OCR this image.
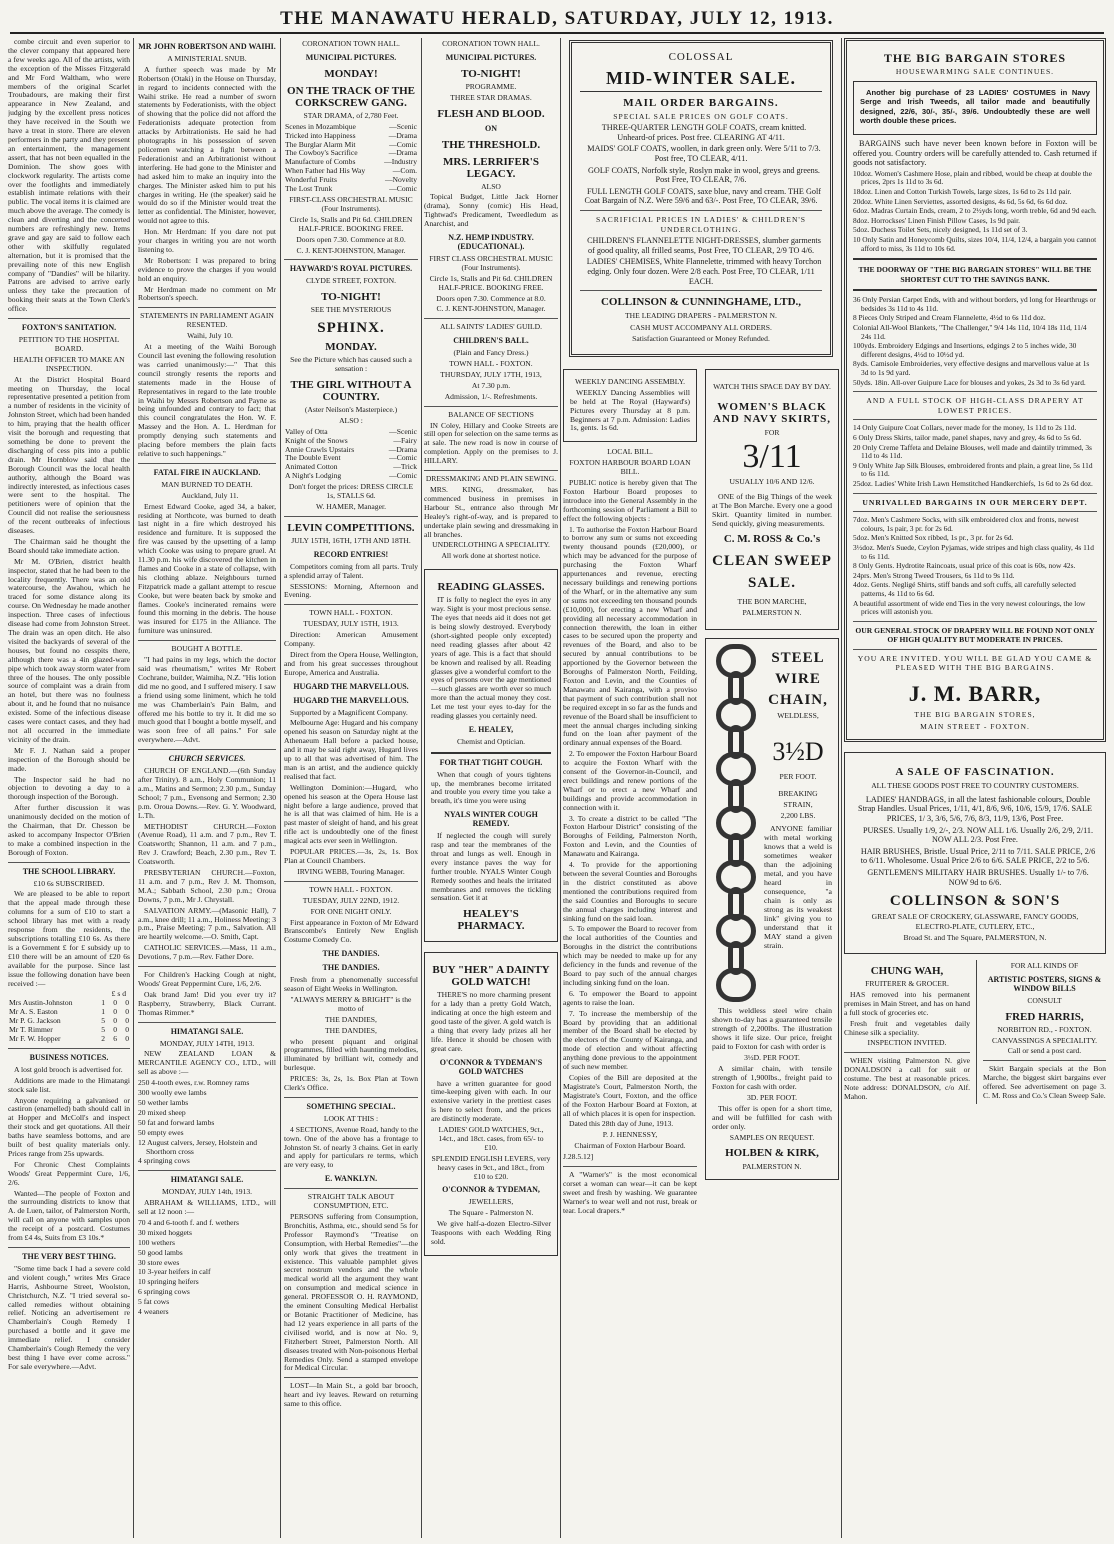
THE MANAWATU HERALD, SATURDAY, JULY 12, 1913.

combe circuit and even superior to the clever company that appeared here a few weeks ago. All of the artists, with the exception of the Misses Fitzgerald and Mr Ford Waltham, who were members of the original Scarlet Troubadours, are making their first appearance in New Zealand, and judging by the excellent press notices they have received in the South we have a treat in store. There are eleven performers in the party and they present an entertainment, the management assert, that has not been equalled in the Dominion. The show goes with clockwork regularity. The artists come over the footlights and immediately establish intimate relations with their public. The vocal items it is claimed are much above the average. The comedy is clean and diverting and the concerted numbers are refreshingly new. Items grave and gay are said to follow each other with skilfully regulated alternation, but it is promised that the prevailing note of this new English company of "Dandies" will be hilarity. Patrons are advised to arrive early unless they take the precaution of booking their seats at the Town Clerk's office.

FOXTON'S SANITATION.
PETITION TO THE HOSPITAL BOARD.
HEALTH OFFICER TO MAKE AN INSPECTION.

At the District Hospital Board meeting on Thursday, the local representative presented a petition from a number of residents in the vicinity of Johnston Street, which had been handed to him, praying that the health officer visit the borough and requesting that something be done to prevent the discharging of cess pits into a public drain. Mr Hornblow said that the Borough Council was the local health authority, although the Board was indirectly interested, as infectious cases were sent to the hospital. The petitioners were of opinion that the Council did not realise the seriousness of the recent outbreaks of infectious diseases.

The Chairman said he thought the Board should take immediate action.

Mr M. O'Brien, district health inspector, stated that he had been to the locality frequently. There was an old watercourse, the Awahou, which he traced for some distance along its course. On Wednesday he made another inspection. Three cases of infectious disease had come from Johnston Street. The drain was an open ditch. He also visited the backyards of several of the houses, but found no cesspits there, although there was a 4in glazed-ware pipe which took away storm water from three of the houses. The only possible source of complaint was a drain from an hotel, but there was no foulness about it, and he found that no nuisance existed. Some of the infectious disease cases were contact cases, and they had not all occurred in the immediate vicinity of the drain.

Mr F. J. Nathan said a proper inspection of the Borough should be made.

The Inspector said he had no objection to devoting a day to a thorough inspection of the Borough.

After further discussion it was unanimously decided on the motion of the Chairman, that Dr. Chesson be asked to accompany Inspector O'Brien to make a combined inspection in the Borough of Foxton.

THE SCHOOL LIBRARY.
£10 6s SUBSCRIBED.

We are pleased to be able to report that the appeal made through these columns for a sum of £10 to start a school library has met with a ready response from the residents, the subscriptions totalling £10 6s. As there is a Government £ for £ subsidy up to £10 there will be an amount of £20 6s available for the purpose. Since last issue the following donation have been received :—

£ s d
Mrs Austin-Johnston	1	0	0
Mr A. S. Easton	1	0	0
Mr P. G. Jackson	5	0	0
Mr T. Rimmer	5	0	0
Mr F. W. Hopper	2	6	0
BUSINESS NOTICES.

A lost gold brooch is advertised for.

Additions are made to the Himatangi stock sale list.

Anyone requiring a galvanised or castiron (enamelled) bath should call in at Hopper and McColl's and inspect their stock and get quotations. All their baths have seamless bottoms, and are built of best quality materials only. Prices range from 25s upwards.

For Chronic Chest Complaints Woods' Great Peppermint Cure, 1/6, 2/6.

Wanted—The people of Foxton and the surrounding districts to know that A. de Luen, tailor, of Palmerston North, will call on anyone with samples upon the receipt of a postcard. Costumes from £4 4s, Suits from £3 10s.*

THE VERY BEST THING.

"Some time back I had a severe cold and violent cough," writes Mrs Grace Harris, Ashbourne Street, Woolston, Christchurch, N.Z. "I tried several so-called remedies without obtaining relief. Noticing an advertisement re Chamberlain's Cough Remedy I purchased a bottle and it gave me immediate relief. I consider Chamberlain's Cough Remedy the very best thing I have ever come across." For sale everywhere.—Advt.

MR JOHN ROBERTSON AND WAIHI.
A MINISTERIAL SNUB.

A further speech was made by Mr Robertson (Otaki) in the House on Thursday, in regard to incidents connected with the Waihi strike. He read a number of sworn statements by Federationists, with the object of showing that the police did not afford the Federationists adequate protection from attacks by Arbitrationists. He said he had photographs in his possession of seven policemen watching a fight between a Federationist and an Arbitrationist without interfering. He had gone to the Minister and had asked him to make an inquiry into the charges. The Minister asked him to put his charges in writing. He (the speaker) said he would do so if the Minister would treat the letter as confidential. The Minister, however, would not agree to this.

Hon. Mr Herdman: If you dare not put your charges in writing you are not worth listening to.

Mr Robertson: I was prepared to bring evidence to prove the charges if you would hold an enquiry.

Mr Herdman made no comment on Mr Robertson's speech.

STATEMENTS IN PARLIAMENT AGAIN RESENTED.

Waihi, July 10.

At a meeting of the Waihi Borough Council last evening the following resolution was carried unanimously:—" That this council strongly resents the reports and statements made in the House of Representatives in regard to the late trouble in Waihi by Messrs Robertson and Payne as being unfounded and contrary to fact; that this council congratulates the Hon. W. F. Massey and the Hon. A. L. Herdman for promptly denying such statements and placing before members the plain facts relative to such happenings."

FATAL FIRE IN AUCKLAND.
MAN BURNED TO DEATH.

Auckland, July 11.

Ernest Edward Cooke, aged 34, a baker, residing at Northcote, was burned to death last night in a fire which destroyed his residence and furniture. It is supposed the fire was caused by the upsetting of a lamp which Cooke was using to prepare gruel. At 11.30 p.m. his wife discovered the kitchen in flames and Cooke in a state of collapse, with his clothing ablaze. Neighbours turned Fitzpatrick made a gallant attempt to rescue Cooke, but were beaten back by smoke and flames. Cooke's incinerated remains were found this morning in the debris. The house was insured for £175 in the Alliance. The furniture was uninsured.

BOUGHT A BOTTLE.

"I had pains in my legs, which the doctor said was rheumatism," writes Mr Robert Cochrane, builder, Waimiha, N.Z. "His lotion did me no good, and I suffered misery. I saw a friend using some liniment, which he told me was Chamberlain's Pain Balm, and offered me his bottle to try it. It did me so much good that I bought a bottle myself, and was soon free of all pains." For sale everywhere.—Advt.

CHURCH SERVICES.

CHURCH OF ENGLAND.—(6th Sunday after Trinity). 8 a.m., Holy Communion; 11 a.m., Matins and Sermon; 2.30 p.m., Sunday School; 7 p.m., Evensong and Sermon; 2.30 p.m. Oroua Downs.—Rev. G. Y. Woodward, L.Th.

METHODIST CHURCH.—Foxton (Avenue Road), 11 a.m. and 7 p.m., Rev T. Coatsworth; Shannon, 11 a.m. and 7 p.m., Rev J. Crawford; Beach, 2.30 p.m., Rev T. Coatsworth.

PRESBYTERIAN CHURCH.—Foxton, 11 a.m. and 7 p.m., Rev J. M. Thomson, M.A.; Sabbath School, 2.30 p.m.; Oroua Downs, 7 p.m., Mr J. Chrystall.

SALVATION ARMY.—(Masonic Hall), 7 a.m., knee drill; 11 a.m., Holiness Meeting; 3 p.m., Praise Meeting; 7 p.m., Salvation. All are heartily welcome.—O. Smith, Capt.

CATHOLIC SERVICES.—Mass, 11 a.m., Devotions, 7 p.m.—Rev. Father Dore.

For Children's Hacking Cough at night, Woods' Great Peppermint Cure, 1/6, 2/6.

Oak brand Jam! Did you ever try it? Raspberry, Strawberry, Black Currant. Thomas Rimmer.*

HIMATANGI SALE.
MONDAY, JULY 14TH, 1913.

NEW ZEALAND LOAN & MERCANTILE AGENCY CO., LTD., will sell as above :—

250 4-tooth ewes, r.w. Romney rams
300 woolly ewe lambs
50 wether lambs
20 mixed sheep
50 fat and forward lambs
50 empty ewes
12 August calvers, Jersey, Holstein and Shorthorn cross
4 springing cows
HIMATANGI SALE.
MONDAY, JULY 14th, 1913.

ABRAHAM & WILLIAMS, LTD., will sell at 12 noon :—

70 4 and 6-tooth f. and f. wethers
30 mixed hoggets
100 wethers
50 good lambs
30 store ewes
10 3-year heifers in calf
10 springing heifers
6 springing cows
5 fat cows
4 weaners
CORONATION TOWN HALL.
MUNICIPAL PICTURES.
MONDAY!
ON THE TRACK OF THE CORKSCREW GANG.
STAR DRAMA, of 2,780 Feet.
Scenes in Mozambique	—Scenic
Tricked into Happiness	—Drama
The Burglar Alarm Mit	—Comic
The Cowboy's Sacrifice	—Drama
Manufacture of Combs	—Industry
When Father had His Way	—Com.
Wonderful Fruits	—Novelty
The Lost Trunk	—Comic
FIRST-CLASS ORCHESTRAL MUSIC (Four Instruments).
Circle 1s, Stalls and Pit 6d. CHILDREN HALF-PRICE. BOOKING FREE.
Doors open 7.30. Commence at 8.0.
C. J. KENT-JOHNSTON, Manager.
HAYWARD'S ROYAL PICTURES.
CLYDE STREET, FOXTON.
TO-NIGHT!
SEE THE MYSTERIOUS
SPHINX.
MONDAY.
See the Picture which has caused such a sensation :
THE GIRL WITHOUT A COUNTRY.
(Aster Neilson's Masterpiece.)
ALSO :
Valley of Otta	—Scenic
Knight of the Snows	—Fairy
Annie Crawls Upstairs	—Drama
The Double Event	—Comic
Animated Cotton	—Trick
A Night's Lodging	—Comic
Don't forget the prices: DRESS CIRCLE 1s, STALLS 6d.
W. HAMER, Manager.
LEVIN COMPETITIONS.
JULY 15TH, 16TH, 17TH AND 18TH.
RECORD ENTRIES!

Competitors coming from all parts. Truly a splendid array of Talent.

SESSIONS: Morning, Afternoon and Evening.

TOWN HALL - FOXTON.
TUESDAY, JULY 15TH, 1913.

Direction: American Amusement Company.

Direct from the Opera House, Wellington, and from his great successes throughout Europe, America and Australia.

HUGARD THE MARVELLOUS.
HUGARD THE MARVELLOUS.

Supported by a Magnificent Company.

Melbourne Age: Hugard and his company opened his season on Saturday night at the Athenaeum Hall before a packed house, and it may be said right away, Hugard lives up to all that was advertised of him. The man is an artist, and the audience quickly realised that fact.

Wellington Dominion:—Hugard, who opened his season at the Opera House last night before a large audience, proved that he is all that was claimed of him. He is a past master of sleight of hand, and his great rifle act is undoubtedly one of the finest magical acts ever seen in Wellington.

POPULAR PRICES.—3s, 2s, 1s. Box Plan at Council Chambers.

IRVING WEBB, Touring Manager.
TOWN HALL - FOXTON.
TUESDAY, JULY 22ND, 1912.
FOR ONE NIGHT ONLY.

First appearance in Foxton of Mr Edward Branscombe's Entirely New English Costume Comedy Co.

THE DANDIES.
THE DANDIES.

Fresh from a phenomenally successful season of Eight Weeks in Wellington.

"ALWAYS MERRY & BRIGHT" is the motto of
THE DANDIES,
THE DANDIES,

who present piquant and original programmes, filled with haunting melodies, illuminated by brilliant wit, comedy and burlesque.

PRICES: 3s, 2s, 1s. Box Plan at Town Clerk's Office.

SOMETHING SPECIAL.
LOOK AT THIS :

4 SECTIONS, Avenue Road, handy to the town. One of the above has a frontage to Johnston St. of nearly 3 chains. Get in early and apply for particulars re terms, which are very easy, to

E. WANKLYN.
STRAIGHT TALK ABOUT CONSUMPTION, ETC.

PERSONS suffering from Consumption, Bronchitis, Asthma, etc., should send 5s for Professor Raymond's "Treatise on Consumption, with Herbal Remedies"—the only work that gives the treatment in existence. This valuable pamphlet gives secret nostrum vendors and the whole medical world all the argument they want on consumption and medical science in general. PROFESSOR O. H. RAYMOND, the eminent Consulting Medical Herbalist or Botanic Practitioner of Medicine, has had 12 years experience in all parts of the civilised world, and is now at No. 9, Fitzherbert Street, Palmerston North. All diseases treated with Non-poisonous Herbal Remedies Only. Send a stamped envelope for Medical Circular.

LOST—In Main St., a gold bar brooch, heart and ivy leaves. Reward on returning same to this office.

CORONATION TOWN HALL.
MUNICIPAL PICTURES.
TO-NIGHT!
PROGRAMME.
THREE STAR DRAMAS.
FLESH AND BLOOD.
ON
THE THRESHOLD.
MRS. LERRIFER'S LEGACY.
ALSO

Topical Budget, Little Jack Horner (drama), Sonny (comic) His Head, Tightwad's Predicament, Tweedledum as Anarchist, and

N.Z. HEMP INDUSTRY. (EDUCATIONAL).
FIRST CLASS ORCHESTRAL MUSIC (Four Instruments).
Circle 1s, Stalls and Pit 6d. CHILDREN HALF-PRICE. BOOKING FREE.
Doors open 7.30. Commence at 8.0.
C. J. KENT-JOHNSTON, Manager.
ALL SAINTS' LADIES' GUILD.
CHILDREN'S BALL.
(Plain and Fancy Dress.)
TOWN HALL - FOXTON.
THURSDAY, JULY 17TH, 1913,
At 7.30 p.m.
Admission, 1/-. Refreshments.
BALANCE OF SECTIONS

IN Coley, Hillary and Cooke Streets are still open for selection on the same terms as at sale. The new road is now in course of completion. Apply on the premises to J. HILLARY.

DRESSMAKING AND PLAIN SEWING.

MRS. KING, dressmaker, has commenced business in premises in Harbour St., entrance also through Mr Healey's right-of-way, and is prepared to undertake plain sewing and dressmaking in all branches.

UNDERCLOTHING A SPECIALITY.
All work done at shortest notice.
READING GLASSES.

IT is folly to neglect the eyes in any way. Sight is your most precious sense. The eyes that needs aid it does not get is being slowly destroyed. Everybody (short-sighted people only excepted) need reading glasses after about 42 years of age. This is a fact that should be known and realised by all. Reading glasses give a wonderful comfort to the eyes of persons over the age mentioned—such glasses are worth ever so much more than the actual money they cost. Let me test your eyes to-day for the reading glasses you certainly need.

E. HEALEY,
Chemist and Optician.
FOR THAT TIGHT COUGH.

When that cough of yours tightens up, the membranes become irritated and trouble you every time you take a breath, it's time you were using

NYALS WINTER COUGH REMEDY.

If neglected the cough will surely rasp and tear the membranes of the throat and lungs as well. Enough in every instance paves the way for further trouble. NYALS Winter Cough Remedy soothes and heals the irritated membranes and removes the tickling sensation. Get it at

HEALEY'S PHARMACY.
BUY "HER" A DAINTY GOLD WATCH!

THERE'S no more charming present for a lady than a pretty Gold Watch, indicating at once the high esteem and good taste of the giver. A gold watch is a thing that every lady prizes all her life. Hence it should be chosen with great care.

O'CONNOR & TYDEMAN'S GOLD WATCHES

have a written guarantee for good time-keeping given with each. In our extensive variety in the prettiest cases is here to select from, and the prices are distinctly moderate.

LADIES' GOLD WATCHES, 9ct., 14ct., and 18ct. cases, from 65/- to £10.
SPLENDID ENGLISH LEVERS, very heavy cases in 9ct., and 18ct., from £10 to £20.
O'CONNOR & TYDEMAN,
JEWELLERS,
The Square - Palmerston N.

We give half-a-dozen Electro-Silver Teaspoons with each Wedding Ring sold.

COLOSSAL
MID-WINTER SALE.
MAIL ORDER BARGAINS.
SPECIAL SALE PRICES ON GOLF COATS.

THREE-QUARTER LENGTH GOLF COATS, cream knitted. Unheard-of prices. Post free. CLEARING AT 4/11.

MAIDS' GOLF COATS, woollen, in dark green only. Were 5/11 to 7/3. Post free, TO CLEAR, 4/11.

GOLF COATS, Norfolk style, Roslyn make in wool, greys and greens. Post Free, TO CLEAR, 7/6.

FULL LENGTH GOLF COATS, saxe blue, navy and cream. THE Golf Coat Bargain of N.Z. Were 59/6 and 63/-. Post Free, TO CLEAR, 39/6.

SACRIFICIAL PRICES IN LADIES' & CHILDREN'S UNDERCLOTHING.

CHILDREN'S FLANNELETTE NIGHT-DRESSES, slumber garments of good quality, all frilled seams, Post Free, TO CLEAR, 2/9 TO 4/6.

LADIES' CHEMISES, White Flannelette, trimmed with heavy Torchon edging. Only four dozen. Were 2/8 each. Post Free, TO CLEAR, 1/11 EACH.

COLLINSON & CUNNINGHAME, LTD.,
THE LEADING DRAPERS - PALMERSTON N.
CASH MUST ACCOMPANY ALL ORDERS.
Satisfaction Guaranteed or Money Refunded.
WEEKLY DANCING ASSEMBLY.

WEEKLY Dancing Assemblies will be held at The Royal (Hayward's) Pictures every Thursday at 8 p.m. Beginners at 7 p.m. Admission: Ladies 1s, gents. 1s 6d.

LOCAL BILL.
FOXTON HARBOUR BOARD LOAN BILL.

PUBLIC notice is hereby given that The Foxton Harbour Board proposes to introduce into the General Assembly in the forthcoming session of Parliament a Bill to effect the following objects :

1. To authorise the Foxton Harbour Board to borrow any sum or sums not exceeding twenty thousand pounds (£20,000), or which may be advanced for the purpose of purchasing the Foxton Wharf appurtenances and revenue, erecting necessary buildings and renewing portions of the Wharf, or in the alternative any sum or sums not exceeding ten thousand pounds (£10,000), for erecting a new Wharf and providing all necessary accommodation in connection therewith, the loan in either cases to be secured upon the property and revenues of the Board, and also to be secured by annual contributions to be apportioned by the Governor between the Boroughs of Palmerston North, Feilding, Foxton and Levin, and the Counties of Manawatu and Kairanga, with a proviso that payment of such contribution shall not be required except in so far as the funds and revenue of the Board shall be insufficient to meet the annual charges including sinking fund on the loan after payment of the ordinary annual expenses of the Board.

2. To empower the Foxton Harbour Board to acquire the Foxton Wharf with the consent of the Governor-in-Council, and erect buildings and renew portions of the Wharf or to erect a new Wharf and buildings and provide accommodation in connection with it.

3. To create a district to be called "The Foxton Harbour District" consisting of the Boroughs of Feilding, Palmerston North, Foxton and Levin, and the Counties of Manawatu and Kairanga.

4. To provide for the apportioning between the several Counties and Boroughs in the district constituted as above mentioned the contributions required from the said Counties and Boroughs to secure the annual charges including interest and sinking fund on the said loan.

5. To empower the Board to recover from the local authorities of the Counties and Boroughs in the district the contributions which may be needed to make up for any deficiency in the funds and revenue of the Board to pay such of the annual charges including sinking fund on the loan.

6. To empower the Board to appoint agents to raise the loan.

7. To increase the membership of the Board by providing that an additional member of the Board shall be elected by the electors of the County of Kairanga, and mode of election and without affecting anything done previous to the appointment of such new member.

Copies of the Bill are deposited at the Magistrate's Court, Palmerston North, the Magistrate's Court, Foxton, and the office of the Foxton Harbour Board at Foxton, at all of which places it is open for inspection.

Dated this 28th day of June, 1913.

P. J. HENNESSY,
Chairman of Foxton Harbour Board.
J.28.5.12]

A "Warner's" is the most economical corset a woman can wear—it can be kept sweet and fresh by washing. We guarantee Warner's to wear well and not rust, break or tear. Local drapers.*

WATCH THIS SPACE DAY BY DAY.
WOMEN'S BLACK AND NAVY SKIRTS,
FOR
3/11
USUALLY 10/6 AND 12/6.

ONE of the Big Things of the week at The Bon Marche. Every one a good Skirt. Quantity limited in number. Send quickly, giving measurements.

C. M. ROSS & Co.'s
CLEAN SWEEP SALE.
THE BON MARCHE,
PALMERSTON N.
STEEL
WIRE
CHAIN,
WELDLESS,
3½D
PER FOOT.
BREAKING
STRAIN,
2,200 LBS.

ANYONE familiar with metal working knows that a weld is sometimes weaker than the adjoining metal, and you have heard in consequence, "a chain is only as strong as its weakest link" giving you to understand that it MAY stand a given strain.

This weldless steel wire chain shown to-day has a guaranteed tensile strength of 2,200lbs. The illustration shows it life size. Our price, freight paid to Foxton for cash with order is

3½D. PER FOOT.

A similar chain, with tensile strength of 1,900lbs., freight paid to Foxton for cash with order.

3D. PER FOOT.

This offer is open for a short time, and will be fulfilled for cash with order only.

SAMPLES ON REQUEST.
HOLBEN & KIRK,
PALMERSTON N.
THE BIG BARGAIN STORES
HOUSEWARMING SALE CONTINUES.

Another big purchase of 23 LADIES' COSTUMES in Navy Serge and Irish Tweeds, all tailor made and beautifully designed, 22/6, 30/-, 35/-, 39/6. Undoubtedly these are well worth double these prices.

BARGAINS such have never been known before in Foxton will be offered you. Country orders will be carefully attended to. Cash returned if goods not satisfactory.

10doz. Women's Cashmere Hose, plain and ribbed, would be cheap at double the prices, 2prs 1s 11d to 3s 6d.
18doz. Linen and Cotton Turkish Towels, large sizes, 1s 6d to 2s 11d pair.
20doz. White Linen Serviettes, assorted designs, 4s 6d, 5s 6d, 6s 6d doz.
6doz. Madras Curtain Ends, cream, 2 to 2½yds long, worth treble, 6d and 9d each.
8doz. Horrockses' Linen Finish Pillow Cases, 1s 9d pair.
5doz. Duchess Toilet Sets, nicely designed, 1s 11d set of 3.
10 Only Satin and Honeycomb Quilts, sizes 10/4, 11/4, 12/4, a bargain you cannot afford to miss, 3s 11d to 10s 6d.
THE DOORWAY OF "THE BIG BARGAIN STORES" WILL BE THE SHORTEST CUT TO THE SAVINGS BANK.
36 Only Persian Carpet Ends, with and without borders, yd long for Hearthrugs or bedsides 3s 11d to 4s 11d.
8 Pieces Only Striped and Cream Flannelette, 4½d to 6s 11d doz.
Colonial All-Wool Blankets, "The Challenger," 9/4 14s 11d, 10/4 18s 11d, 11/4 24s 11d.
100yds. Embroidery Edgings and Insertions, edgings 2 to 5 inches wide, 30 different designs, 4½d to 10½d yd.
8yds. Camisole Embroideries, very effective designs and marvellous value at 1s 3d to 1s 9d yard.
50yds. 18in. All-over Guipure Lace for blouses and yokes, 2s 3d to 3s 6d yard.
AND A FULL STOCK OF HIGH-CLASS DRAPERY AT LOWEST PRICES.
14 Only Guipure Coat Collars, never made for the money, 1s 11d to 2s 11d.
6 Only Dress Skirts, tailor made, panel shapes, navy and grey, 4s 6d to 5s 6d.
20 Only Creme Taffeta and Delaine Blouses, well made and daintily trimmed, 3s 11d to 4s 11d.
9 Only White Jap Silk Blouses, embroidered fronts and plain, a great line, 5s 11d to 6s 11d.
25doz. Ladies' White Irish Lawn Hemstitched Handkerchiefs, 1s 6d to 2s 6d doz.
UNRIVALLED BARGAINS IN OUR MERCERY DEPT.
7doz. Men's Cashmere Socks, with silk embroidered clox and fronts, newest colours, 1s pair, 3 pr. for 2s 6d.
5doz. Men's Knitted Sox ribbed, 1s pr., 3 pr. for 2s 6d.
3½doz. Men's Suede, Ceylon Pyjamas, wide stripes and high class quality, 4s 11d to 6s 11d.
8 Only Gents. Hydrotite Raincoats, usual price of this coat is 60s, now 42s.
24prs. Men's Strong Tweed Trousers, 6s 11d to 9s 11d.
4doz. Gents. Negligé Shirts, stiff bands and soft cuffs, all carefully selected patterns, 4s 11d to 6s 6d.
A beautiful assortment of wide end Ties in the very newest colourings, the low prices will astonish you.
OUR GENERAL STOCK OF DRAPERY WILL BE FOUND NOT ONLY OF HIGH QUALITY BUT MODERATE IN PRICES.
YOU ARE INVITED. YOU WILL BE GLAD YOU CAME & PLEASED WITH THE BIG BARGAINS.
J. M. BARR,
THE BIG BARGAIN STORES,
MAIN STREET - FOXTON.
A SALE OF FASCINATION.
ALL THESE GOODS POST FREE TO COUNTRY CUSTOMERS.

LADIES' HANDBAGS, in all the latest fashionable colours, Double Strap Handles. Usual Prices, 1/11, 4/1, 8/6, 9/6, 10/6, 15/9, 17/6. SALE PRICES, 1/ 3, 3/6, 5/6, 7/6, 8/3, 11/9, 13/6, Post Free.

PURSES. Usually 1/9, 2/-, 2/3. NOW ALL 1/6. Usually 2/6, 2/9, 2/11. NOW ALL 2/3. Post Free.

HAIR BRUSHES, Bristle. Usual Price, 2/11 to 7/11. SALE PRICE, 2/6 to 6/11. Wholesome. Usual Price 2/6 to 6/6. SALE PRICE, 2/2 to 5/6.

GENTLEMEN'S MILITARY HAIR BRUSHES. Usually 1/- to 7/6. NOW 9d to 6/6.

COLLINSON & SON'S
GREAT SALE OF CROCKERY, GLASSWARE, FANCY GOODS, ELECTRO-PLATE, CUTLERY, ETC.,
Broad St. and The Square, PALMERSTON, N.
CHUNG WAH,
FRUITERER & GROCER.

HAS removed into his permanent premises in Main Street, and has on hand a full stock of groceries etc.

Fresh fruit and vegetables daily Chinese silk a speciality.

INSPECTION INVITED.

WHEN visiting Palmerston N. give DONALDSON a call for suit or costume. The best at reasonable prices. Note address: DONALDSON, c/o Alf. Mahon.

FOR ALL KINDS OF
ARTISTIC POSTERS, SIGNS & WINDOW BILLS
CONSULT
FRED HARRIS,
NORBITON RD., - FOXTON.
CANVASSINGS A SPECIALITY.
Call or send a post card.

Skirt Bargain specials at the Bon Marche, the biggest skirt bargains ever offered. See advertisement on page 3. C. M. Ross and Co.'s Clean Sweep Sale.
